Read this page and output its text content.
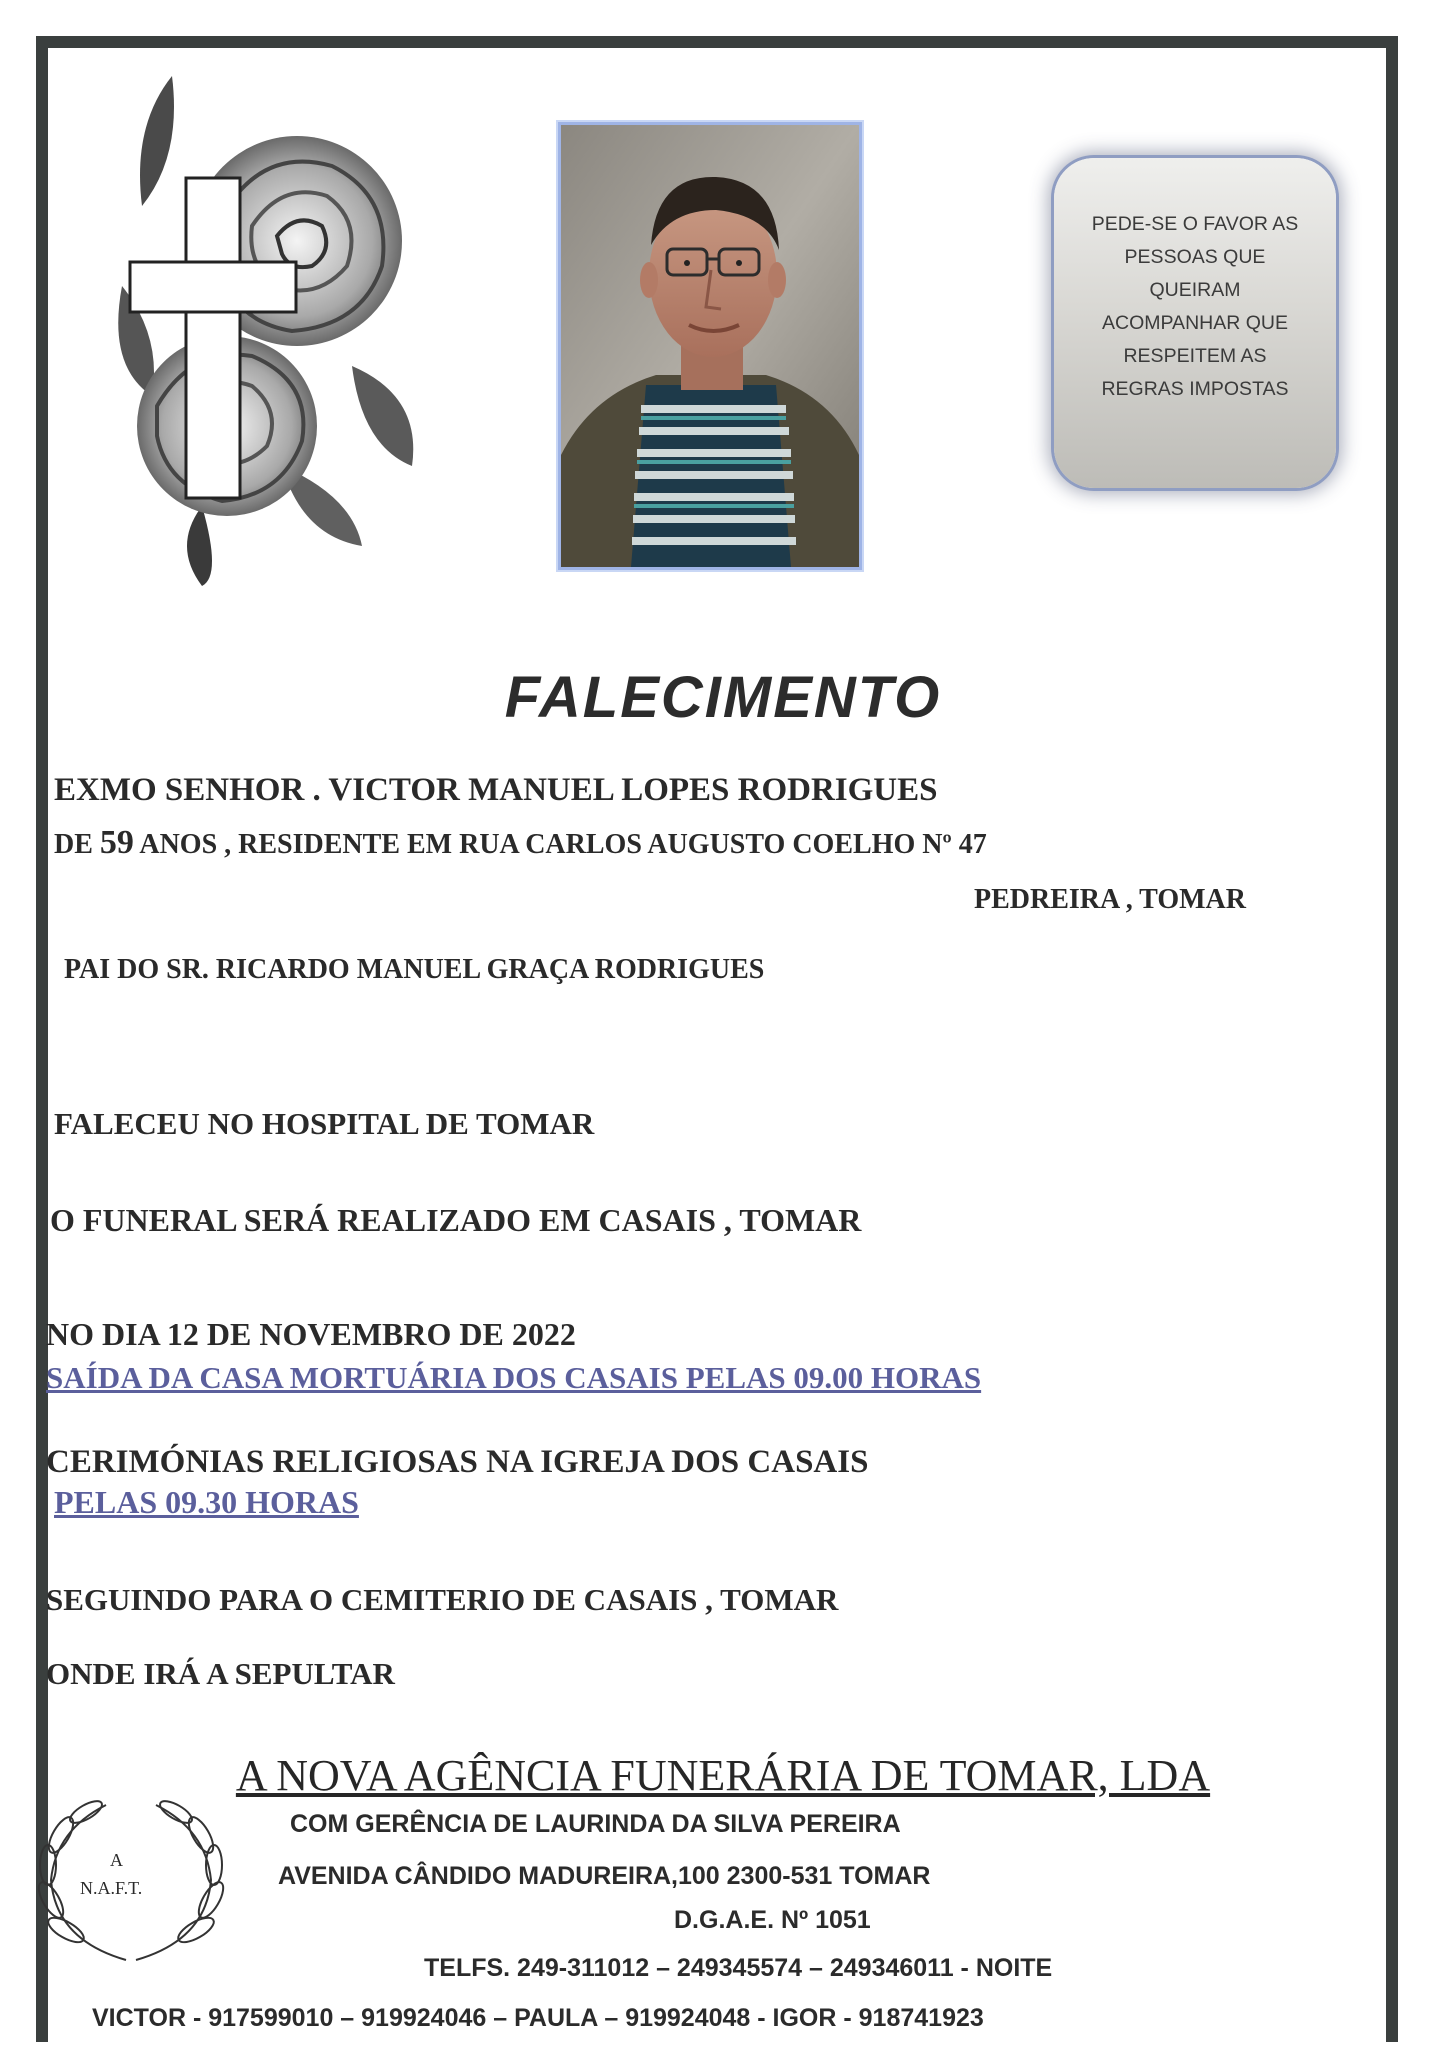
PEDE-SE O FAVOR AS
PESSOAS QUE
QUEIRAM
ACOMPANHAR QUE
RESPEITEM AS
REGRAS IMPOSTAS
FALECIMENTO
EXMO SENHOR . VICTOR MANUEL LOPES RODRIGUES
DE 59 ANOS , RESIDENTE EM RUA CARLOS AUGUSTO COELHO Nº 47
PEDREIRA , TOMAR
PAI DO SR. RICARDO MANUEL GRAÇA RODRIGUES
FALECEU NO HOSPITAL DE TOMAR
O FUNERAL SERÁ REALIZADO EM CASAIS , TOMAR
NO DIA 12 DE NOVEMBRO DE 2022
SAÍDA DA CASA MORTUÁRIA DOS CASAIS PELAS 09.00 HORAS
CERIMÓNIAS RELIGIOSAS NA IGREJA DOS CASAIS
PELAS 09.30 HORAS
SEGUINDO PARA O CEMITERIO DE CASAIS , TOMAR
ONDE IRÁ A SEPULTAR
A NOVA AGÊNCIA FUNERÁRIA DE TOMAR, LDA
A
N.A.F.T.
COM GERÊNCIA DE LAURINDA DA SILVA PEREIRA
AVENIDA CÂNDIDO MADUREIRA,100 2300-531 TOMAR
D.G.A.E. Nº 1051
TELFS. 249-311012 – 249345574 – 249346011 - NOITE
VICTOR - 917599010 – 919924046 – PAULA – 919924048 - IGOR - 918741923
